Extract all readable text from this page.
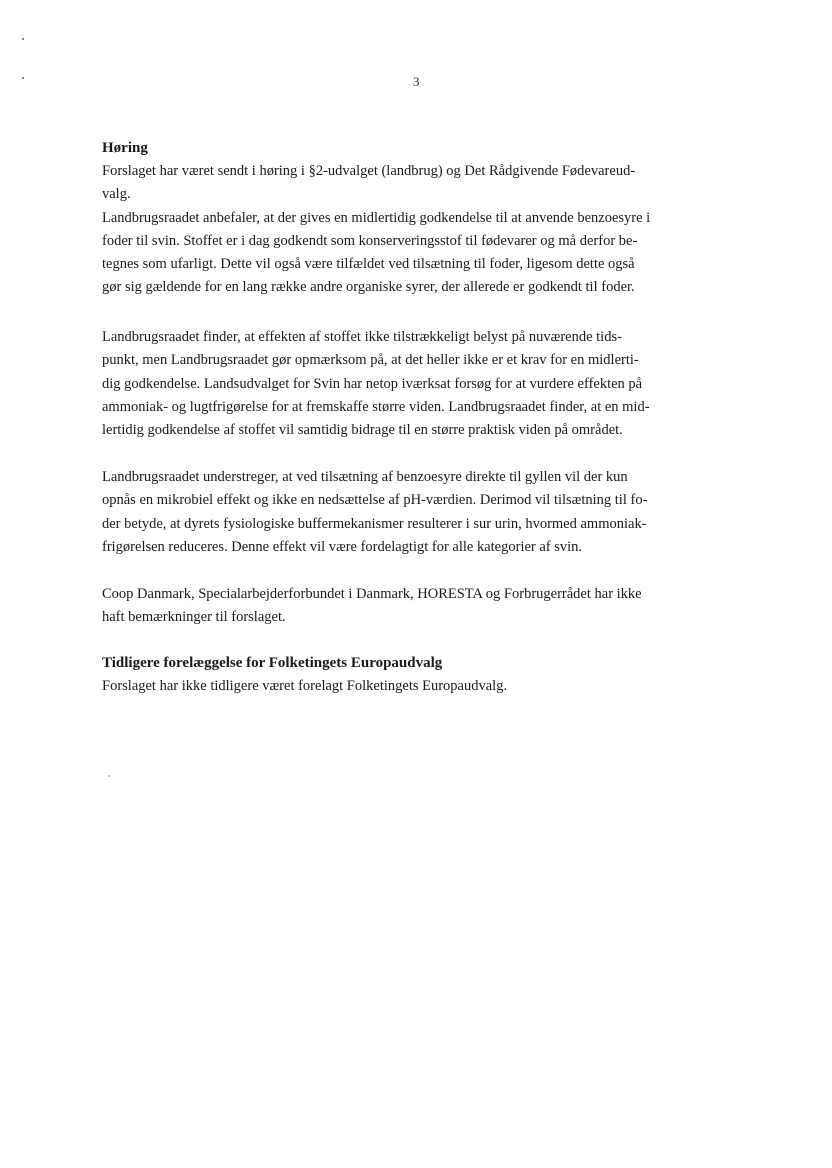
3
Høring
Forslaget har været sendt i høring i §2-udvalget (landbrug) og Det Rådgivende Fødevareud-
valg.
Landbrugsraadet anbefaler, at der gives en midlertidig godkendelse til at anvende benzoesyre i
foder til svin. Stoffet er i dag godkendt som konserveringsstof til fødevarer og må derfor be-
tegnes som ufarligt. Dette vil også være tilfældet ved tilsætning til foder, ligesom dette også
gør sig gældende for en lang række andre organiske syrer, der allerede er godkendt til foder.
Landbrugsraadet finder, at effekten af stoffet ikke tilstrækkeligt belyst på nuværende tids-
punkt, men Landbrugsraadet gør opmærksom på, at det heller ikke er et krav for en midlerti-
dig godkendelse. Landsudvalget for Svin har netop iværksat forsøg for at vurdere effekten på
ammoniak- og lugtfrigørelse for at fremskaffe større viden. Landbrugsraadet finder, at en mid-
lertidig godkendelse af stoffet vil samtidig bidrage til en større praktisk viden på området.
Landbrugsraadet understreger, at ved tilsætning af benzoesyre direkte til gyllen vil der kun
opnås en mikrobiel effekt og ikke en nedsættelse af pH-værdien. Derimod vil tilsætning til fo-
der betyde, at dyrets fysiologiske buffermekanismer resulterer i sur urin, hvormed ammoniak-
frigørelsen reduceres. Denne effekt vil være fordelagtigt for alle kategorier af svin.
Coop Danmark, Specialarbejderforbundet i Danmark, HORESTA og Forbrugerrådet har ikke
haft bemærkninger til forslaget.
Tidligere forelæggelse for Folketingets Europaudvalg
Forslaget har ikke tidligere været forelagt Folketingets Europaudvalg.
